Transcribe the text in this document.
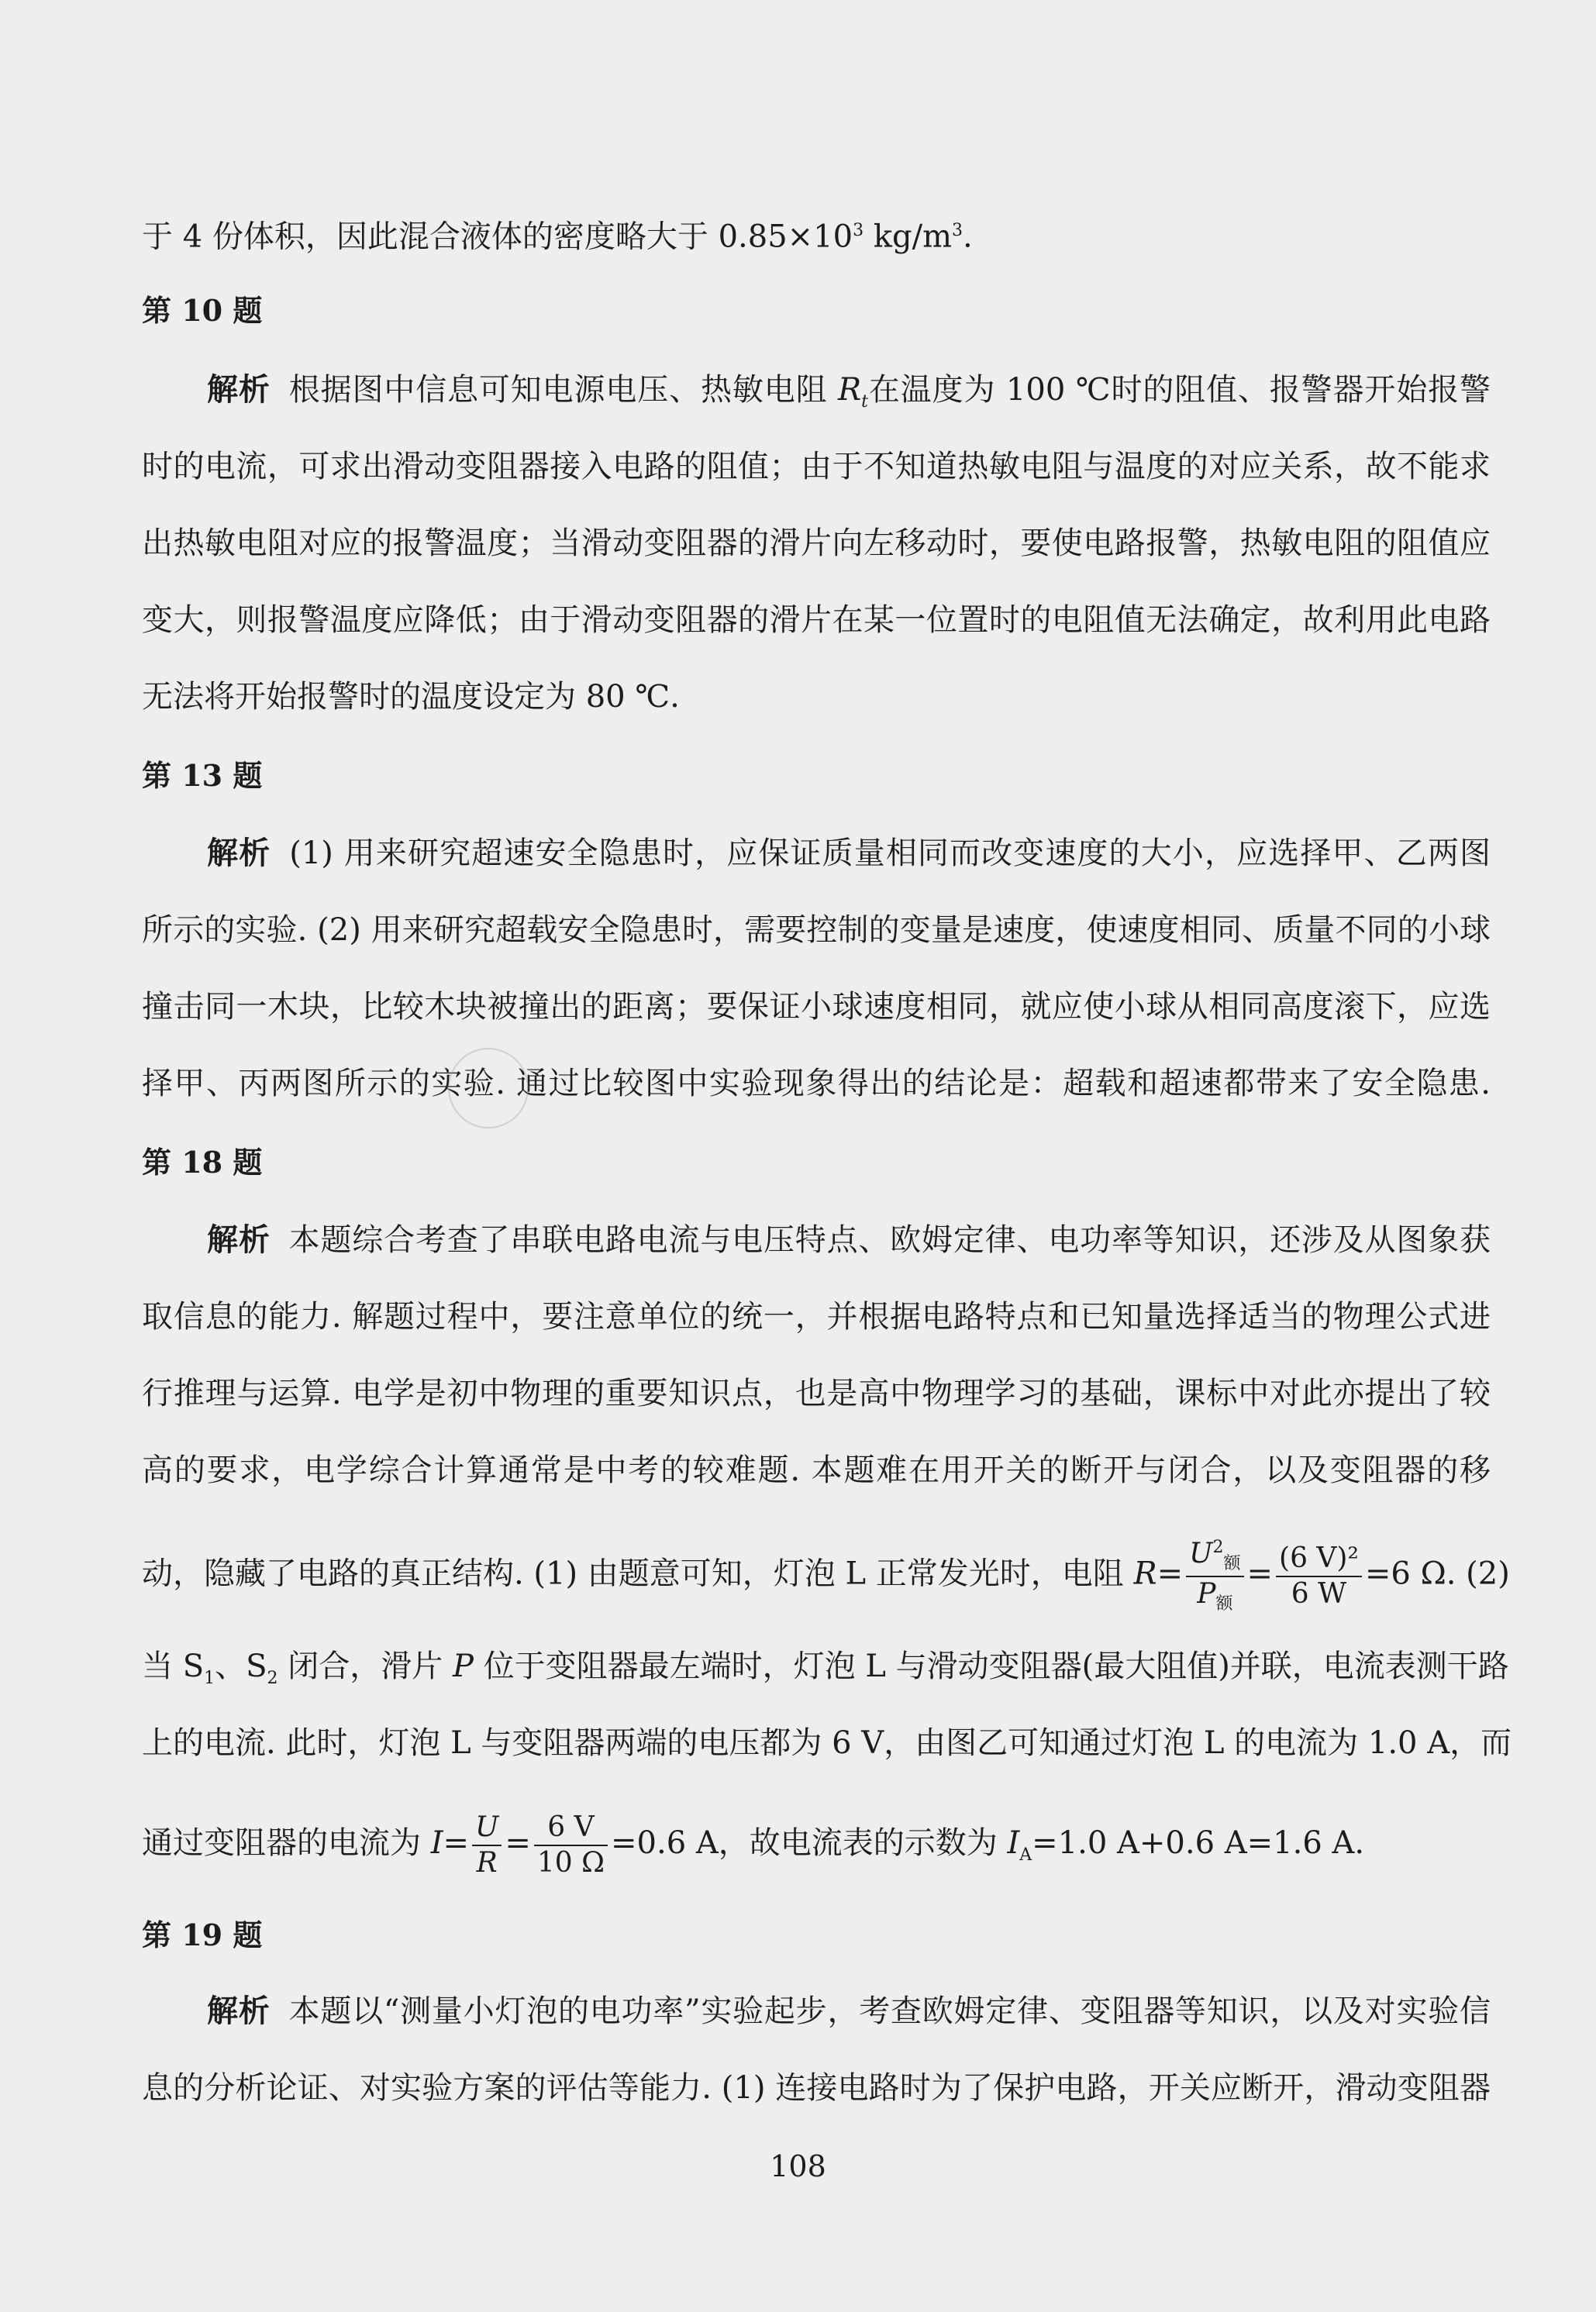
于 4 份体积，因此混合液体的密度略大于 $0.85\times 10^3$ $kg/m^3$.
第 10 题
解析 根据图中信息可知电源电压、热敏电阻 $R_t$在温度为 100 ℃时的阻值、报警器开始报警
时的电流，可求出滑动变阻器接入电路的阻值；由于不知道热敏电阻与温度的对应关系，故不能求
出热敏电阻对应的报警温度；当滑动变阻器的滑片向左移动时，要使电路报警，热敏电阻的阻值应
变大，则报警温度应降低；由于滑动变阻器的滑片在某一位置时的电阻值无法确定，故利用此电路
无法将开始报警时的温度设定为 80 ℃.
第 13 题
解析 (1) 用来研究超速安全隐患时，应保证质量相同而改变速度的大小，应选择甲、乙两图
所示的实验. (2) 用来研究超载安全隐患时，需要控制的变量是速度，使速度相同、质量不同的小球
撞击同一木块，比较木块被撞出的距离；要保证小球速度相同，就应使小球从相同高度滚下，应选
择甲、丙两图所示的实验. 通过比较图中实验现象得出的结论是：超载和超速都带来了安全隐患.
第 18 题
解析 本题综合考查了串联电路电流与电压特点、欧姆定律、电功率等知识，还涉及从图象获
取信息的能力. 解题过程中，要注意单位的统一，并根据电路特点和已知量选择适当的物理公式进
行推理与运算. 电学是初中物理的重要知识点，也是高中物理学习的基础，课标中对此亦提出了较
高的要求，电学综合计算通常是中考的较难题. 本题难在用开关的断开与闭合，以及变阻器的移
动，隐藏了电路的真正结构. (1) 由题意可知，灯泡 L 正常发光时，电阻 $R= \frac{U^2_额}{P_额} = \frac{\text{(6 V)²}}{6 W} =6$ Ω. (2)
当 $S_1$、$S_2$ 闭合，滑片 P 位于变阻器最左端时，灯泡 L 与滑动变阻器(最大阻值)并联，电流表测干路
上的电流. 此时，灯泡 L 与变阻器两端的电压都为 6 V，由图乙可知通过灯泡 L 的电流为 1.0 A，而
通过变阻器的电流为 $I= \frac{U}{R} = \frac{6 V}{10 \Omega} =0.6$ A，故电流表的示数为 $I_A=1.0$ A+0.6 A=1.6 A.
第 19 题
解析 本题以“测量小灯泡的电功率”实验起步，考查欧姆定律、变阻器等知识，以及对实验信
息的分析论证、对实验方案的评估等能力. (1) 连接电路时为了保护电路，开关应断开，滑动变阻器
108
